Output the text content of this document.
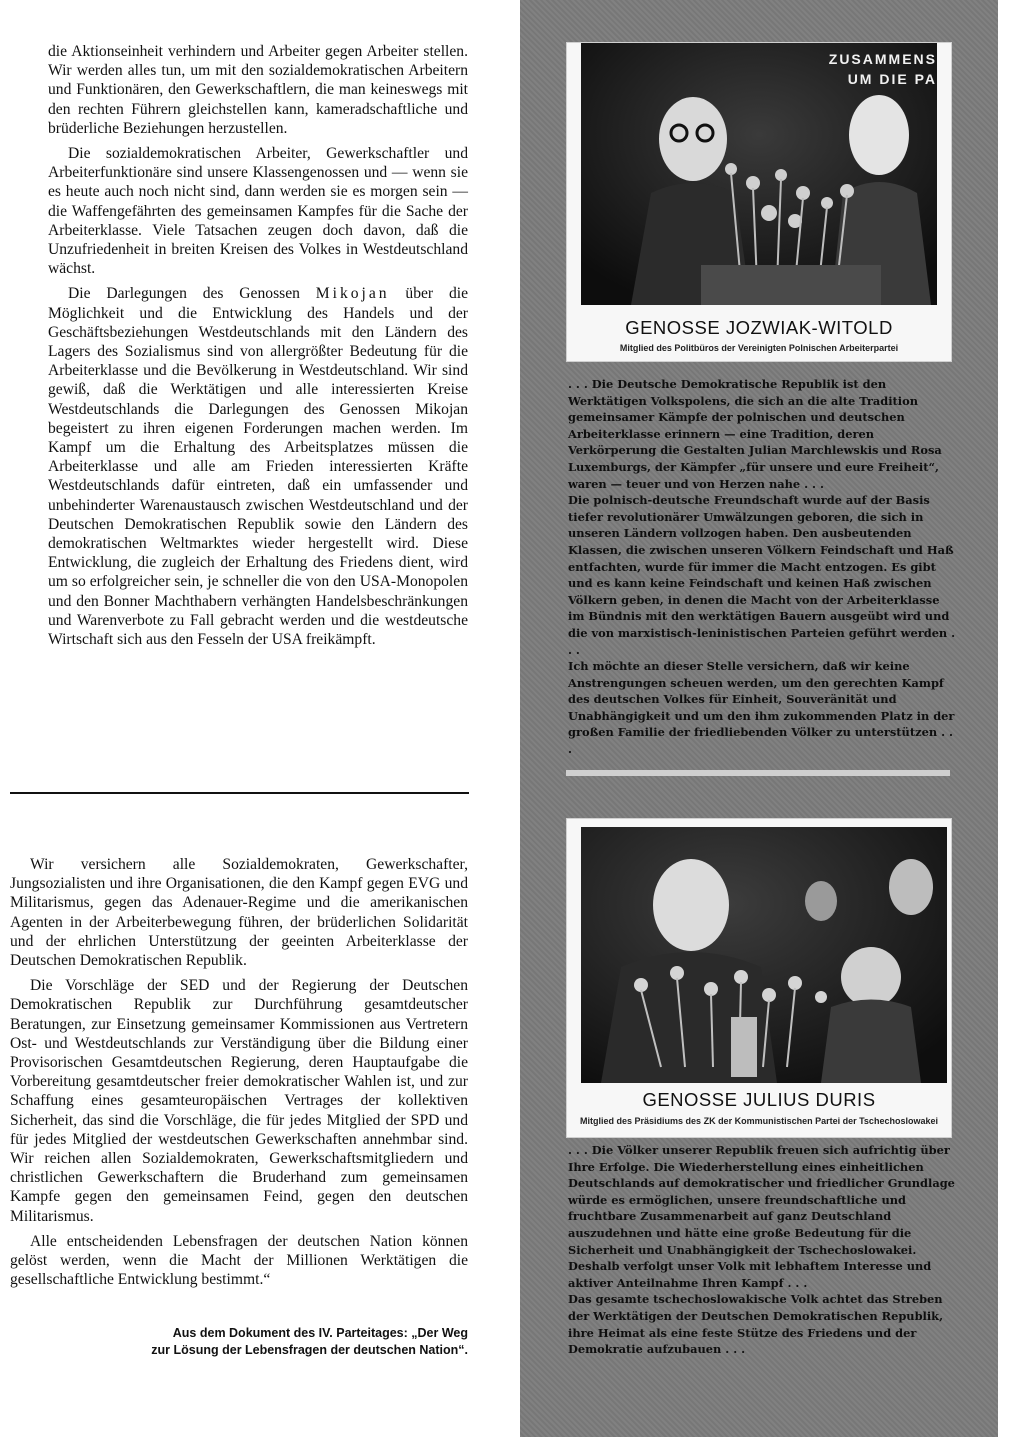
die Aktionseinheit verhindern und Arbeiter gegen Arbeiter stellen. Wir werden alles tun, um mit den sozialdemokratischen Arbeitern und Funktionären, den Gewerkschaftlern, die man keineswegs mit den rechten Führern gleichstellen kann, kameradschaftliche und brüderliche Beziehungen herzustellen.

Die sozialdemokratischen Arbeiter, Gewerkschaftler und Arbeiterfunktionäre sind unsere Klassengenossen und — wenn sie es heute auch noch nicht sind, dann werden sie es morgen sein — die Waffengefährten des gemeinsamen Kampfes für die Sache der Arbeiterklasse. Viele Tatsachen zeugen doch davon, daß die Unzufriedenheit in breiten Kreisen des Volkes in Westdeutschland wächst.

Die Darlegungen des Genossen Mikojan über die Möglichkeit und die Entwicklung des Handels und der Geschäftsbeziehungen Westdeutschlands mit den Ländern des Lagers des Sozialismus sind von allergrößter Bedeutung für die Arbeiterklasse und die Bevölkerung in Westdeutschland. Wir sind gewiß, daß die Werktätigen und alle interessierten Kreise Westdeutschlands die Darlegungen des Genossen Mikojan begeistert zu ihren eigenen Forderungen machen werden. Im Kampf um die Erhaltung des Arbeitsplatzes müssen die Arbeiterklasse und alle am Frieden interessierten Kräfte Westdeutschlands dafür eintreten, daß ein umfassender und unbehinderter Warenaustausch zwischen Westdeutschland und der Deutschen Demokratischen Republik sowie den Ländern des demokratischen Weltmarktes wieder hergestellt wird. Diese Entwicklung, die zugleich der Erhaltung des Friedens dient, wird um so erfolgreicher sein, je schneller die von den USA-Monopolen und den Bonner Machthabern verhängten Handelsbeschränkungen und Warenverbote zu Fall gebracht werden und die westdeutsche Wirtschaft sich aus den Fesseln der USA freikämpft.

Wir versichern alle Sozialdemokraten, Gewerkschafter, Jungsozialisten und ihre Organisationen, die den Kampf gegen EVG und Militarismus, gegen das Adenauer-Regime und die amerikanischen Agenten in der Arbeiterbewegung führen, der brüderlichen Solidarität und der ehrlichen Unterstützung der geeinten Arbeiterklasse der Deutschen Demokratischen Republik.

Die Vorschläge der SED und der Regierung der Deutschen Demokratischen Republik zur Durchführung gesamtdeutscher Beratungen, zur Einsetzung gemeinsamer Kommissionen aus Vertretern Ost- und Westdeutschlands zur Verständigung über die Bildung einer Provisorischen Gesamtdeutschen Regierung, deren Hauptaufgabe die Vorbereitung gesamtdeutscher freier demokratischer Wahlen ist, und zur Schaffung eines gesamteuropäischen Vertrages der kollektiven Sicherheit, das sind die Vorschläge, die für jedes Mitglied der SPD und für jedes Mitglied der westdeutschen Gewerkschaften annehmbar sind. Wir reichen allen Sozialdemokraten, Gewerkschaftsmitgliedern und christlichen Gewerkschaftern die Bruderhand zum gemeinsamen Kampfe gegen den gemeinsamen Feind, gegen den deutschen Militarismus.

Alle entscheidenden Lebensfragen der deutschen Nation können gelöst werden, wenn die Macht der Millionen Werktätigen die gesellschaftliche Entwicklung bestimmt.“

Aus dem Dokument des IV. Parteitages: „Der Weg
zur Lösung der Lebensfragen der deutschen Nation“.
ZUSAMMENS
UM DIE PA
GENOSSE JOZWIAK-WITOLD
Mitglied des Politbüros der Vereinigten Polnischen Arbeiterpartei

. . . Die Deutsche Demokratische Republik ist den Werktätigen Volkspolens, die sich an die alte Tradition gemeinsamer Kämpfe der polnischen und deutschen Arbeiterklasse erinnern — eine Tradition, deren Verkörperung die Gestalten Julian Marchlewskis und Rosa Luxemburgs, der Kämpfer „für unsere und eure Freiheit“, waren — teuer und von Herzen nahe . . .

Die polnisch-deutsche Freundschaft wurde auf der Basis tiefer revolutionärer Umwälzungen geboren, die sich in unseren Ländern vollzogen haben. Den ausbeutenden Klassen, die zwischen unseren Völkern Feindschaft und Haß entfachten, wurde für immer die Macht entzogen. Es gibt und es kann keine Feindschaft und keinen Haß zwischen Völkern geben, in denen die Macht von der Arbeiterklasse im Bündnis mit den werktätigen Bauern ausgeübt wird und die von marxistisch-leninistischen Parteien geführt werden . . .

Ich möchte an dieser Stelle versichern, daß wir keine Anstrengungen scheuen werden, um den gerechten Kampf des deutschen Volkes für Einheit, Souveränität und Unabhängigkeit und um den ihm zukommenden Platz in der großen Familie der friedliebenden Völker zu unterstützen . . .

GENOSSE JULIUS DURIS
Mitglied des Präsidiums des ZK der Kommunistischen Partei der Tschechoslowakei

. . . Die Völker unserer Republik freuen sich aufrichtig über Ihre Erfolge. Die Wiederherstellung eines einheitlichen Deutschlands auf demokratischer und friedlicher Grundlage würde es ermöglichen, unsere freundschaftliche und fruchtbare Zusammenarbeit auf ganz Deutschland auszudehnen und hätte eine große Bedeutung für die Sicherheit und Unabhängigkeit der Tschechoslowakei. Deshalb verfolgt unser Volk mit lebhaftem Interesse und aktiver Anteilnahme Ihren Kampf . . .

Das gesamte tschechoslowakische Volk achtet das Streben der Werktätigen der Deutschen Demokratischen Republik, ihre Heimat als eine feste Stütze des Friedens und der Demokratie aufzubauen . . .
